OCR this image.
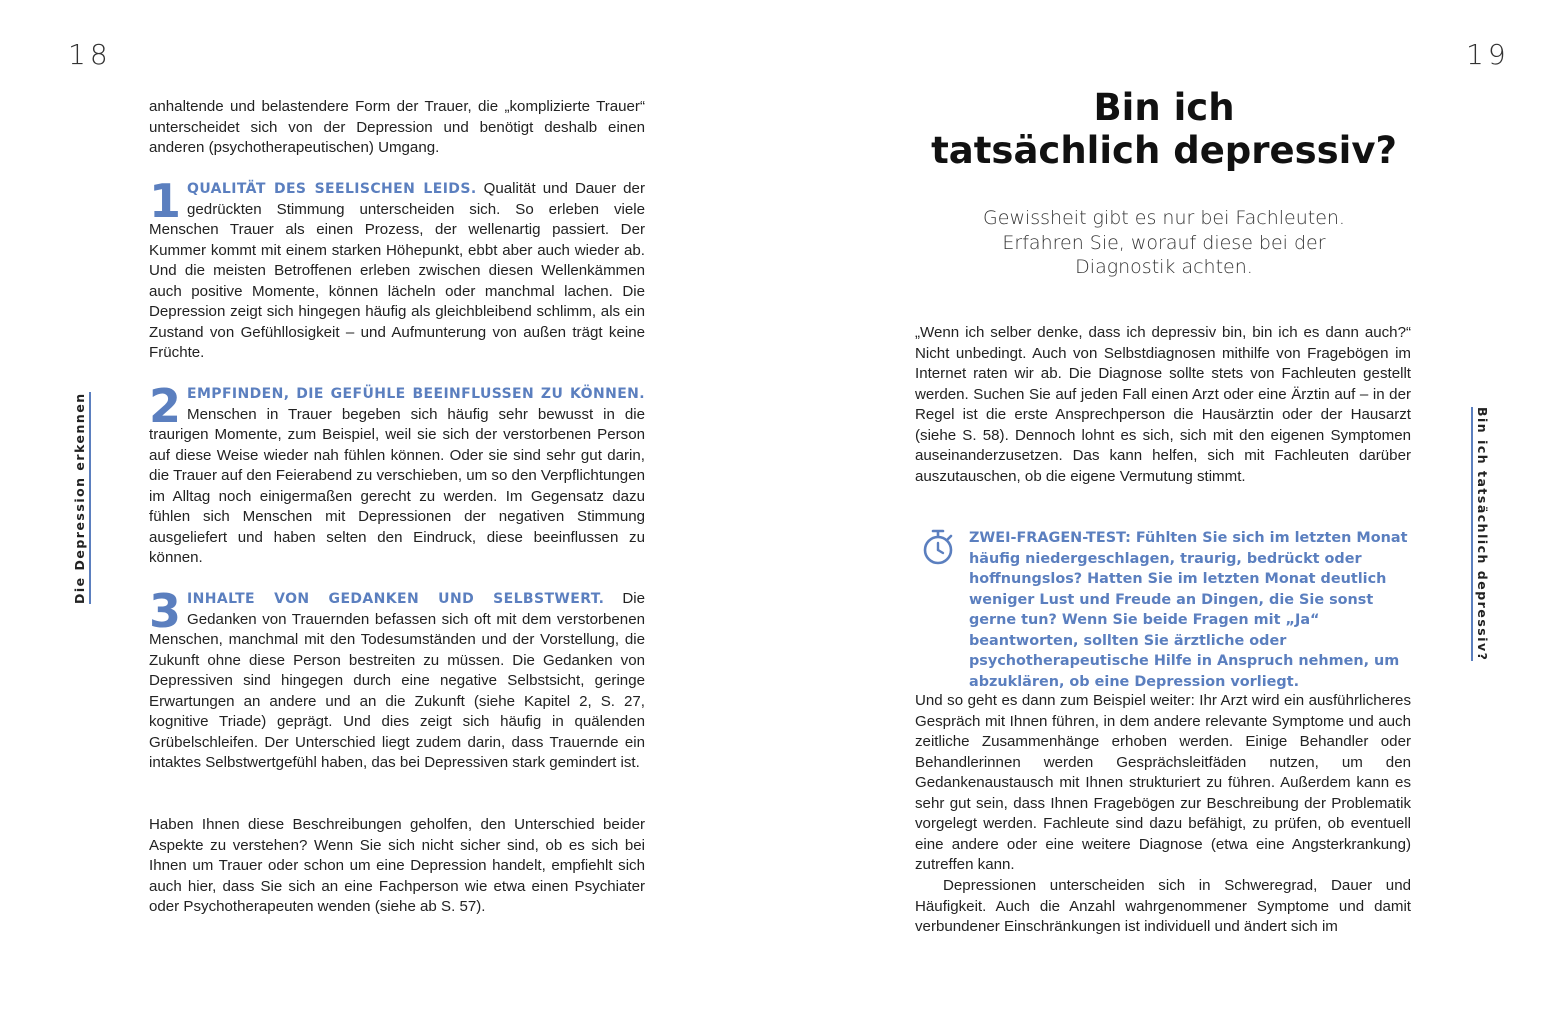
18
Die Depression erkennen

anhaltende und belastendere Form der Trauer, die „komplizierte Trauer“ unterscheidet sich von der Depression und benötigt deshalb einen anderen (psychotherapeutischen) Umgang.

1 QUALITÄT DES SEELISCHEN LEIDS. Qualität und Dauer der gedrückten Stimmung unterscheiden sich. So erleben viele Menschen Trauer als einen Prozess, der wellenartig passiert. Der Kummer kommt mit einem starken Höhepunkt, ebbt aber auch wieder ab. Und die meisten Betroffenen erleben zwischen diesen Wellenkämmen auch positive Momente, können lächeln oder manchmal lachen. Die Depression zeigt sich hingegen häufig als gleichbleibend schlimm, als ein Zustand von Gefühllosigkeit – und Aufmunterung von außen trägt keine Früchte.

2 EMPFINDEN, DIE GEFÜHLE BEEINFLUSSEN ZU KÖNNEN. Menschen in Trauer begeben sich häufig sehr bewusst in die traurigen Momente, zum Beispiel, weil sie sich der verstorbenen Person auf diese Weise wieder nah fühlen können. Oder sie sind sehr gut darin, die Trauer auf den Feierabend zu verschieben, um so den Verpflichtungen im Alltag noch einigermaßen gerecht zu werden. Im Gegensatz dazu fühlen sich Menschen mit Depressionen der negativen Stimmung ausgeliefert und haben selten den Eindruck, diese beeinflussen zu können.

3 INHALTE VON GEDANKEN UND SELBSTWERT. Die Gedanken von Trauernden befassen sich oft mit dem verstorbenen Menschen, manchmal mit den Todesumständen und der Vorstellung, die Zukunft ohne diese Person bestreiten zu müssen. Die Gedanken von Depressiven sind hingegen durch eine negative Selbstsicht, geringe Erwartungen an andere und an die Zukunft (siehe Kapitel 2, S. 27, kognitive Triade) geprägt. Und dies zeigt sich häufig in quälenden Grübelschleifen. Der Unterschied liegt zudem darin, dass Trauernde ein intaktes Selbstwertgefühl haben, das bei Depressiven stark gemindert ist.

Haben Ihnen diese Beschreibungen geholfen, den Unterschied beider Aspekte zu verstehen? Wenn Sie sich nicht sicher sind, ob es sich bei Ihnen um Trauer oder schon um eine Depression handelt, empfiehlt sich auch hier, dass Sie sich an eine Fachperson wie etwa einen Psychiater oder Psychotherapeuten wenden (siehe ab S. 57).

19
Bin ich tatsächlich depressiv?
Bin ich
tatsächlich depressiv?

Gewissheit gibt es nur bei Fachleuten. Erfahren Sie, worauf diese bei der Diagnostik achten.

„Wenn ich selber denke, dass ich depressiv bin, bin ich es dann auch?“ Nicht unbedingt. Auch von Selbstdiagnosen mithilfe von Fragebögen im Internet raten wir ab. Die Diagnose sollte stets von Fachleuten gestellt werden. Suchen Sie auf jeden Fall einen Arzt oder eine Ärztin auf – in der Regel ist die erste Ansprechperson die Hausärztin oder der Hausarzt (siehe S. 58). Dennoch lohnt es sich, sich mit den eigenen Symptomen auseinanderzusetzen. Das kann helfen, sich mit Fachleuten darüber auszutauschen, ob die eigene Vermutung stimmt.

ZWEI-FRAGEN-TEST: Fühlten Sie sich im letzten Monat häufig niedergeschlagen, traurig, bedrückt oder hoffnungslos? Hatten Sie im letzten Monat deutlich weniger Lust und Freude an Dingen, die Sie sonst gerne tun? Wenn Sie beide Fragen mit „Ja“ beantworten, sollten Sie ärztliche oder psychotherapeutische Hilfe in Anspruch nehmen, um abzuklären, ob eine Depression vorliegt.

Und so geht es dann zum Beispiel weiter: Ihr Arzt wird ein ausführlicheres Gespräch mit Ihnen führen, in dem andere relevante Symptome und auch zeitliche Zusammenhänge erhoben werden. Einige Behandler oder Behandlerinnen werden Gesprächsleitfäden nutzen, um den Gedankenaustausch mit Ihnen strukturiert zu führen. Außerdem kann es sehr gut sein, dass Ihnen Fragebögen zur Beschreibung der Problematik vorgelegt werden. Fachleute sind dazu befähigt, zu prüfen, ob eventuell eine andere oder eine weitere Diagnose (etwa eine Angsterkrankung) zutreffen kann.

Depressionen unterscheiden sich in Schweregrad, Dauer und Häufigkeit. Auch die Anzahl wahrgenommener Symptome und damit verbundener Einschränkungen ist individuell und ändert sich im
